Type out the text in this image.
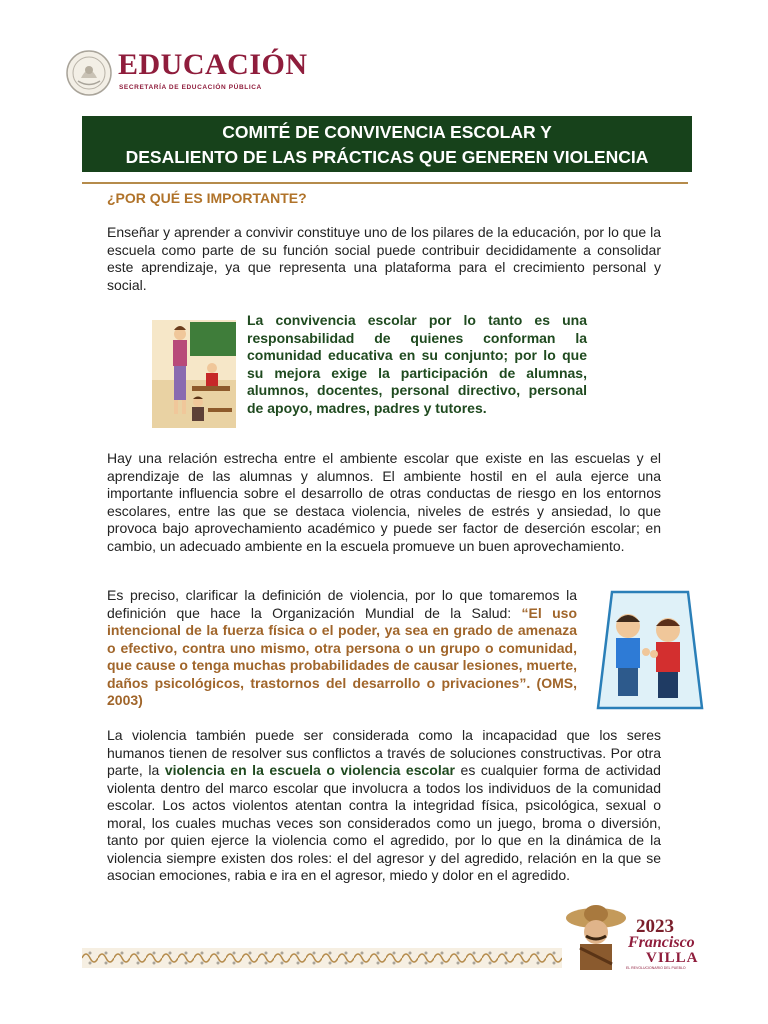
EDUCACIÓN
SECRETARÍA DE EDUCACIÓN PÚBLICA
COMITÉ DE CONVIVENCIA ESCOLAR Y
DESALIENTO DE LAS PRÁCTICAS QUE GENEREN VIOLENCIA
¿POR QUÉ ES IMPORTANTE?
Enseñar y aprender a convivir constituye uno de los pilares de la educación, por lo que la escuela como parte de su función social puede contribuir decididamente a consolidar este aprendizaje, ya que representa una plataforma para el crecimiento personal y social.
La convivencia escolar por lo tanto es una responsabilidad de quienes conforman la comunidad educativa en su conjunto; por lo que su mejora exige la participación de alumnas, alumnos, docentes, personal directivo, personal de apoyo, madres, padres y tutores.
Hay una relación estrecha entre el ambiente escolar que existe en las escuelas y el aprendizaje de las alumnas y alumnos. El ambiente hostil en el aula ejerce una importante influencia sobre el desarrollo de otras conductas de riesgo en los entornos escolares, entre las que se destaca violencia, niveles de estrés y ansiedad, lo que provoca bajo aprovechamiento académico y puede ser factor de deserción escolar; en cambio, un adecuado ambiente en la escuela promueve un buen aprovechamiento.
Es preciso, clarificar la definición de violencia, por lo que tomaremos la definición que hace la Organización Mundial de la Salud: “El uso intencional de la fuerza física o el poder, ya sea en grado de amenaza o efectivo, contra uno mismo, otra persona o un grupo o comunidad, que cause o tenga muchas probabilidades de causar lesiones, muerte, daños psicológicos, trastornos del desarrollo o privaciones”. (OMS, 2003)
La violencia también puede ser considerada como la incapacidad que los seres humanos tienen de resolver sus conflictos a través de soluciones constructivas. Por otra parte, la violencia en la escuela o violencia escolar es cualquier forma de actividad violenta dentro del marco escolar que involucra a todos los individuos de la comunidad escolar. Los actos violentos atentan contra la integridad física, psicológica, sexual o moral, los cuales muchas veces son considerados como un juego, broma o diversión, tanto por quien ejerce la violencia como el agredido, por lo que en la dinámica de la violencia siempre existen dos roles: el del agresor y del agredido, relación en la que se asocian emociones, rabia e ira en el agresor, miedo y dolor en el agredido.
2023
Francisco
VILLA
EL REVOLUCIONARIO DEL PUEBLO
